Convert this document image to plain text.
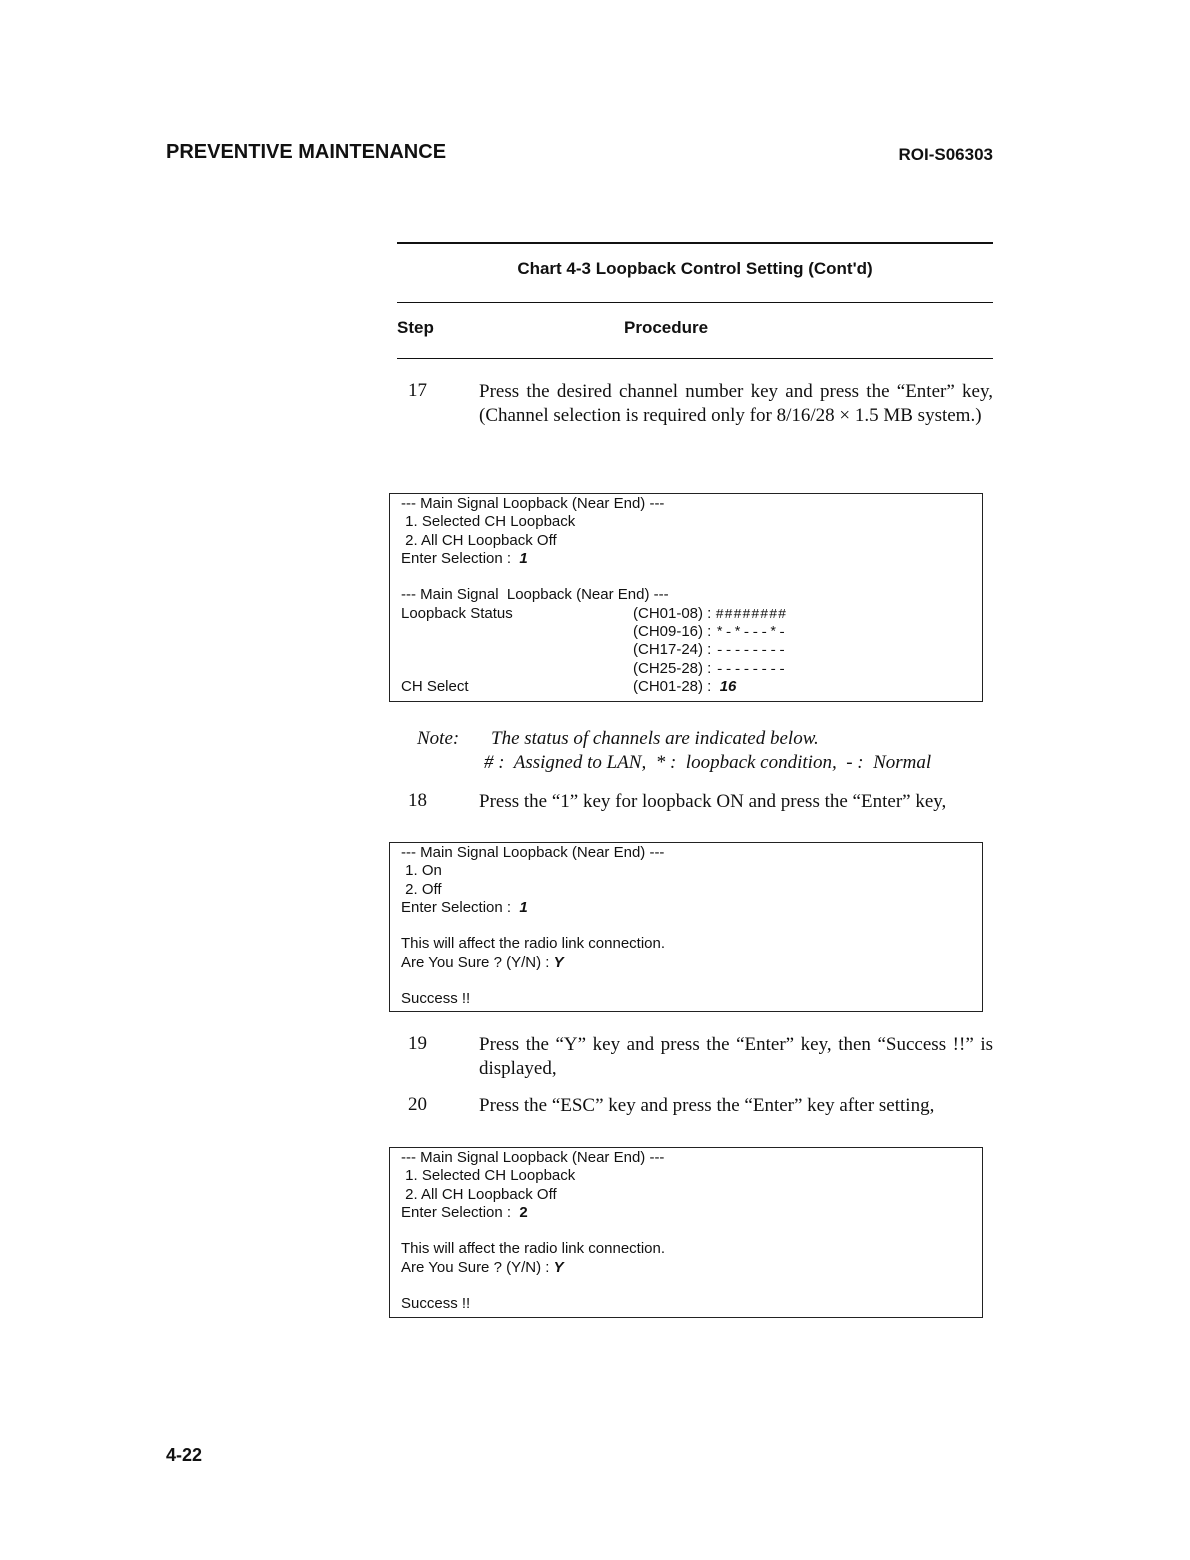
PREVENTIVE MAINTENANCE	ROI-S06303
Chart 4-3 Loopback Control Setting (Cont'd)
Step	Procedure
17	Press the desired channel number key and press the “Enter” key, (Channel selection is required only for 8/16/28 × 1.5 MB system.)
--- Main Signal Loopback (Near End) ---
1. Selected CH Loopback
2. All CH Loopback Off
Enter Selection : 1
--- Main Signal  Loopback (Near End) ---
Loopback Status	(CH01-08) : ########
(CH09-16) : *-*---*-
(CH17-24) : --------
(CH25-28) : --------
CH Select	(CH01-28) : 16
Note: The status of channels are indicated below.
# :  Assigned to LAN,  * :  loopback condition,  - :  Normal
18	Press the “1” key for loopback ON and press the “Enter” key,
--- Main Signal Loopback (Near End) ---
1. On
2. Off
Enter Selection : 1
This will affect the radio link connection.
Are You Sure ? (Y/N) : Y
Success !!
19	Press the “Y” key and press the “Enter” key, then “Success !!” is displayed,
20	Press the “ESC” key and press the “Enter” key after setting,
--- Main Signal Loopback (Near End) ---
1. Selected CH Loopback
2. All CH Loopback Off
Enter Selection : 2
This will affect the radio link connection.
Are You Sure ? (Y/N) : Y
Success !!
4-22
